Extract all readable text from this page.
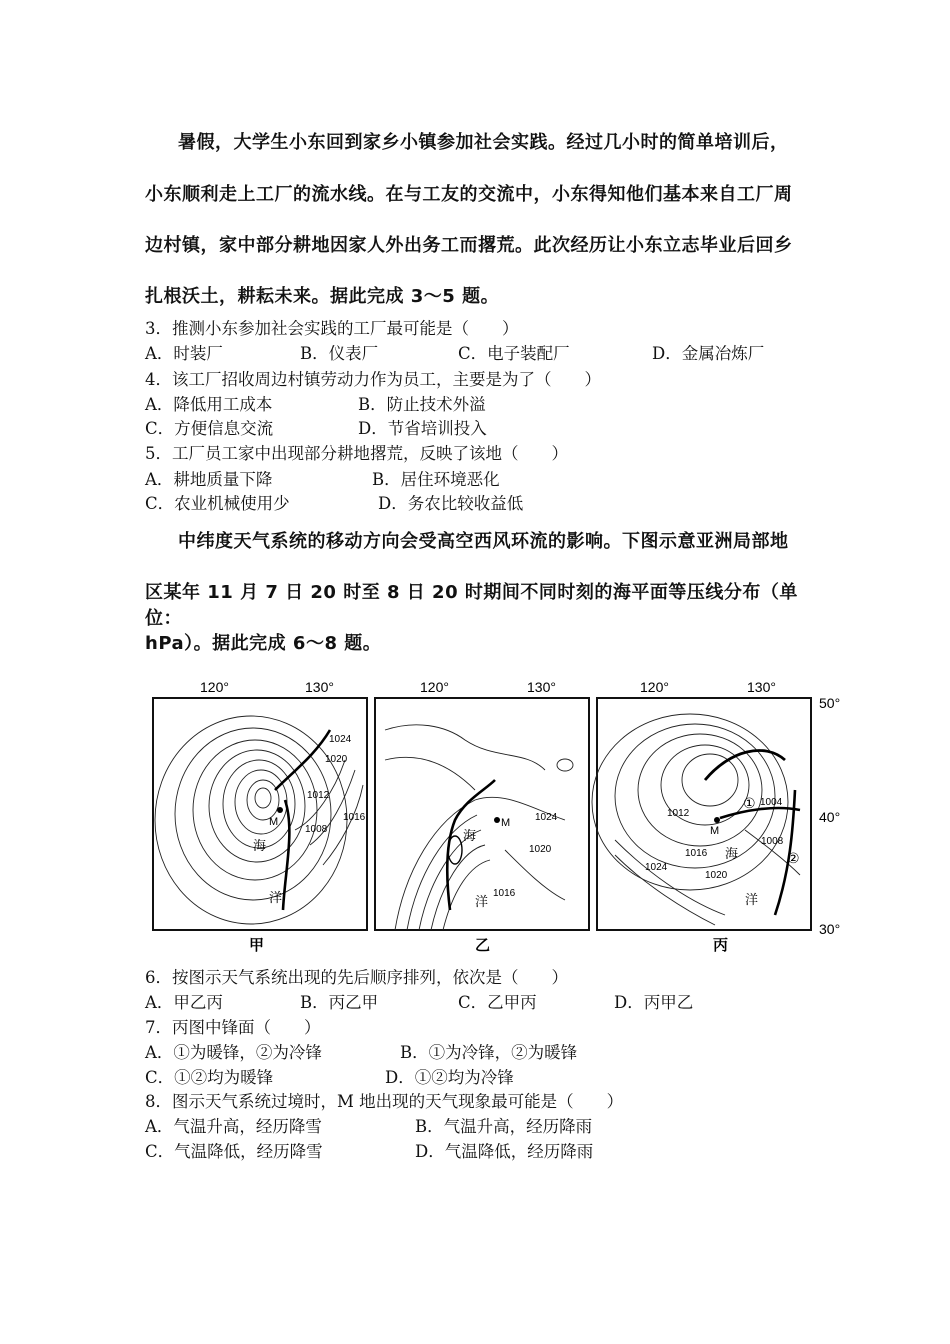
暑假，大学生小东回到家乡小镇参加社会实践。经过几小时的简单培训后，
小东顺利走上工厂的流水线。在与工友的交流中，小东得知他们基本来自工厂周
边村镇，家中部分耕地因家人外出务工而撂荒。此次经历让小东立志毕业后回乡
扎根沃土，耕耘未来。据此完成 3～5 题。
3．推测小东参加社会实践的工厂最可能是（　　）
A．时装厂	B．仪表厂	C．电子装配厂	D．金属冶炼厂
4．该工厂招收周边村镇劳动力作为员工，主要是为了（　　）
A．降低用工成本	B．防止技术外溢
C．方便信息交流	D．节省培训投入
5．工厂员工家中出现部分耕地撂荒，反映了该地（　　）
A．耕地质量下降	B．居住环境恶化
C．农业机械使用少	D．务农比较收益低
中纬度天气系统的移动方向会受高空西风环流的影响。下图示意亚洲局部地
区某年 11 月 7 日 20 时至 8 日 20 时期间不同时刻的海平面等压线分布（单位：
hPa）。据此完成 6～8 题。
120°	130°	120°	130°	120°	130°
50°
40°
30°
M
1024
1020
1016
1012
1008
海
洋
甲
M 1024
1020
1016
海
洋
乙
M
①
②
1004
1008
1012
1016
1020
1024
海
洋
丙
6．按图示天气系统出现的先后顺序排列，依次是（　　）
A．甲乙丙	B．丙乙甲	C．乙甲丙	D．丙甲乙
7．丙图中锋面（　　）
A．①为暖锋，②为冷锋	B．①为冷锋，②为暖锋
C．①②均为暖锋	D．①②均为冷锋
8．图示天气系统过境时，M 地出现的天气现象最可能是（　　）
A．气温升高，经历降雪	B．气温升高，经历降雨
C．气温降低，经历降雪	D．气温降低，经历降雨
